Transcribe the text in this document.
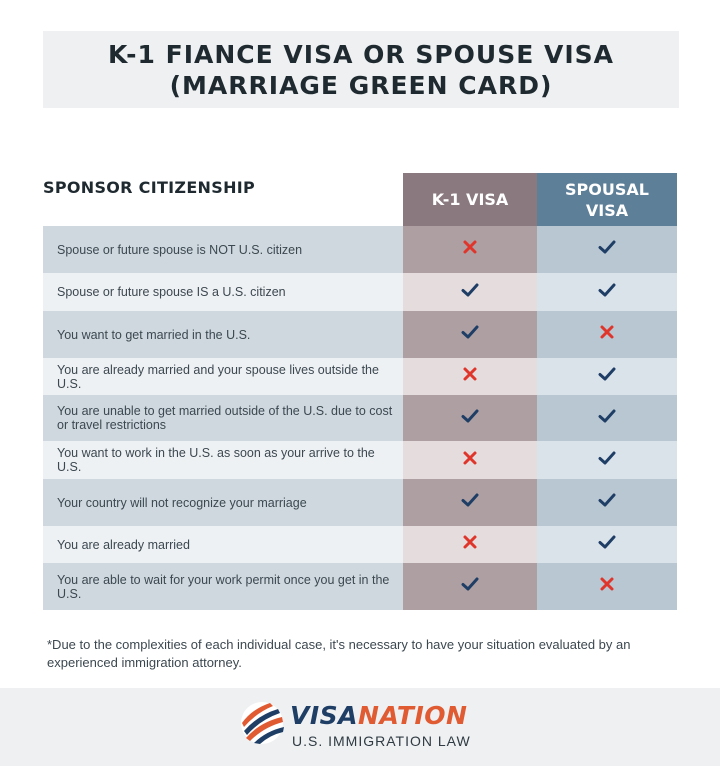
K-1 FIANCE VISA OR SPOUSE VISA
(MARRIAGE GREEN CARD)
SPONSOR CITIZENSHIP
K-1 VISA
SPOUSAL
VISA
Spouse or future spouse is NOT U.S. citizen
Spouse or future spouse IS a U.S. citizen
You want to get married in the U.S.
You are already married and your spouse lives outside the U.S.
You are unable to get married outside of the U.S. due to cost or travel restrictions
You want to work in the U.S. as soon as your arrive to the U.S.
Your country will not recognize your marriage
You are already married
You are able to wait for your work permit once you get in the U.S.
*Due to the complexities of each individual case, it's necessary to have your situation evaluated by an experienced immigration attorney.
VISANATION
U.S. IMMIGRATION LAW
